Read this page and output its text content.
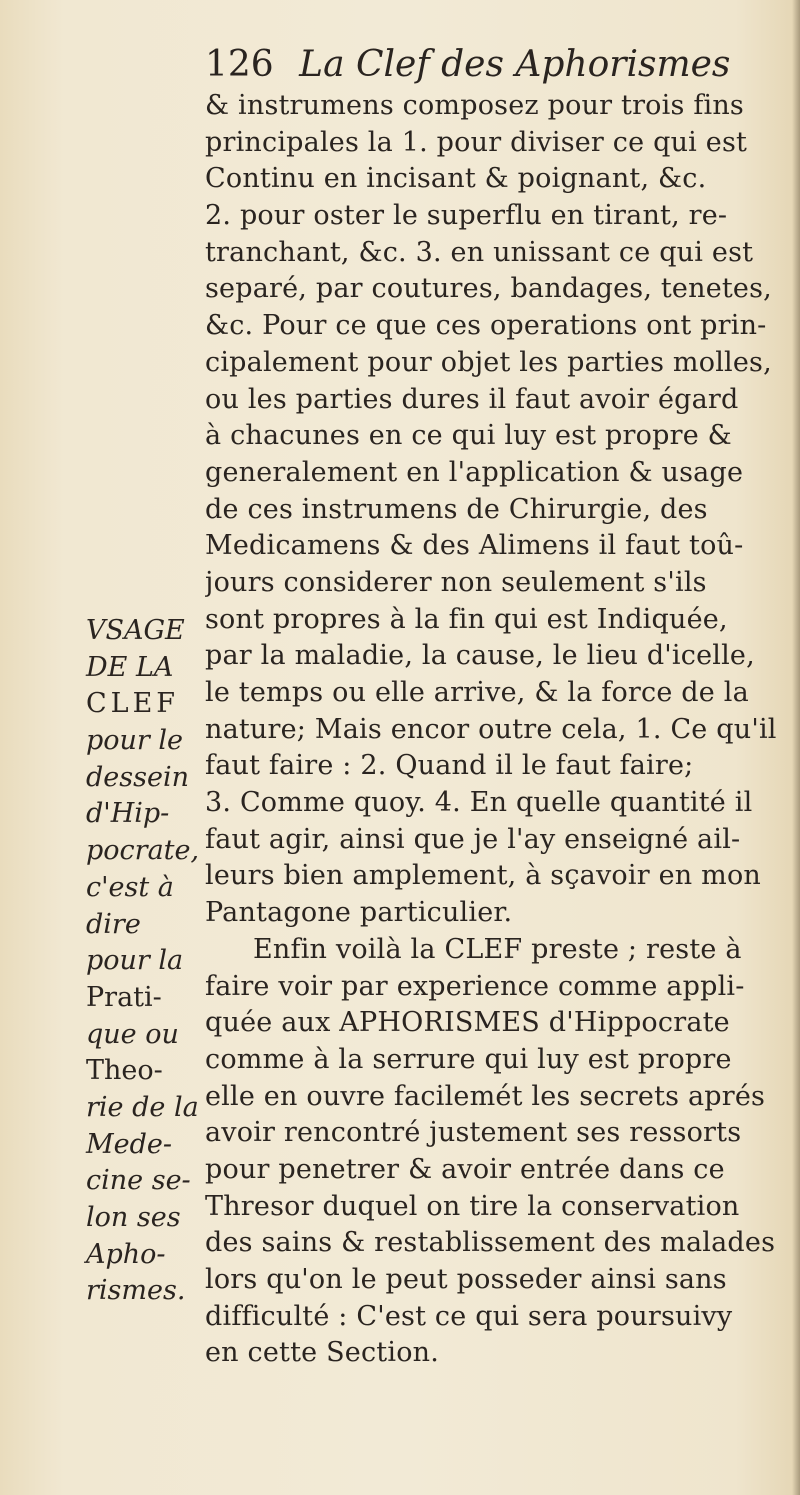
126 La Clef des Aphorismes
& instrumens composez pour trois fins
principales la 1. pour diviser ce qui est
Continu en incisant & poignant, &c.
2. pour oster le superflu en tirant, re-
tranchant, &c. 3. en unissant ce qui est
separé, par coutures, bandages, tenetes,
&c. Pour ce que ces operations ont prin-
cipalement pour objet les parties molles,
ou les parties dures il faut avoir égard
à chacunes en ce qui luy est propre &
generalement en l'application & usage
de ces instrumens de Chirurgie, des
Medicamens & des Alimens il faut toû-
jours considerer non seulement s'ils
sont propres à la fin qui est Indiquée,
par la maladie, la cause, le lieu d'icelle,
le temps ou elle arrive, & la force de la
nature; Mais encor outre cela, 1. Ce qu'il
faut faire : 2. Quand il le faut faire;
3. Comme quoy. 4. En quelle quantité il
faut agir, ainsi que je l'ay enseigné ail-
leurs bien amplement, à sçavoir en mon
Pantagone particulier.
Enfin voilà la CLEF preste ; reste à
faire voir par experience comme appli-
quée aux APHORISMES d'Hippocrate
comme à la serrure qui luy est propre
elle en ouvre facilemét les secrets aprés
avoir rencontré justement ses ressorts
pour penetrer & avoir entrée dans ce
Thresor duquel on tire la conservation
des sains & restablissement des malades
lors qu'on le peut posseder ainsi sans
difficulté : C'est ce qui sera poursuivy
en cette Section.
VSAGE
DE LA
CLEF
pour le
dessein
d'Hip-
pocrate,
c'est à
dire
pour la
Prati-
que ou
Theo-
rie de la
Mede-
cine se-
lon ses
Apho-
rismes.
